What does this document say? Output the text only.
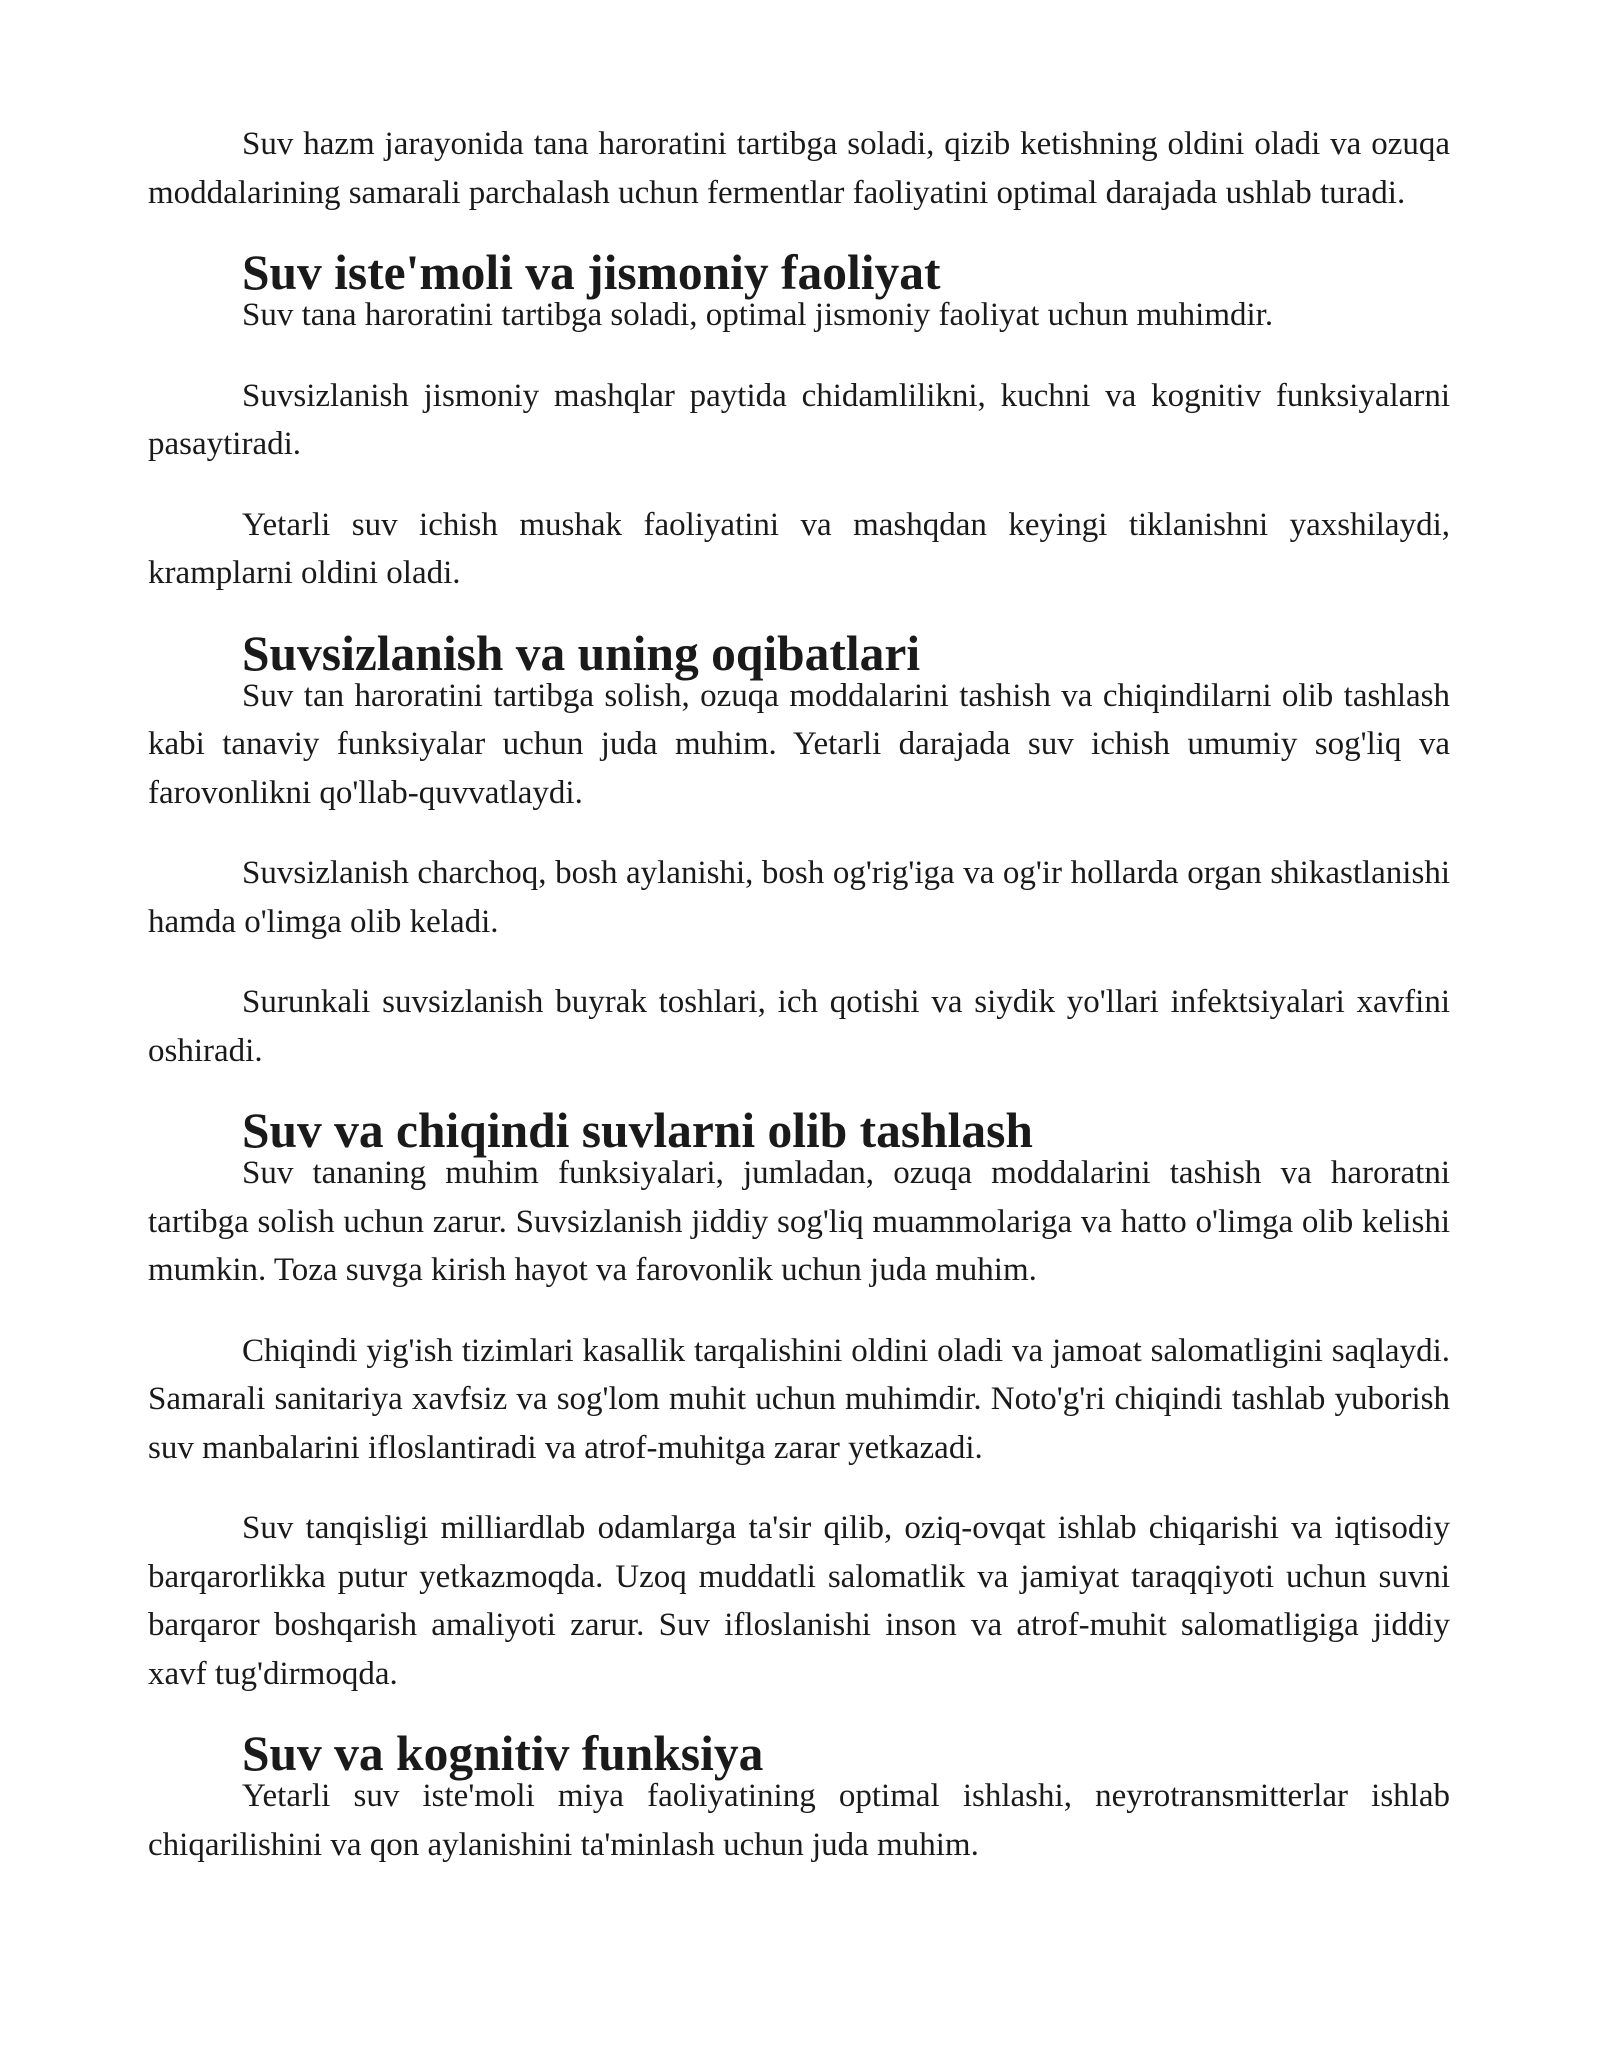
Suv hazm jarayonida tana haroratini tartibga soladi, qizib ketishning oldini oladi va ozuqa moddalarining samarali parchalash uchun fermentlar faoliyatini optimal darajada ushlab turadi.

Suv iste'moli va jismoniy faoliyat

Suv tana haroratini tartibga soladi, optimal jismoniy faoliyat uchun muhimdir.

Suvsizlanish jismoniy mashqlar paytida chidamlilikni, kuchni va kognitiv funksiyalarni pasaytiradi.

Yetarli suv ichish mushak faoliyatini va mashqdan keyingi tiklanishni yaxshilaydi, kramplarni oldini oladi.

Suvsizlanish va uning oqibatlari

Suv tan haroratini tartibga solish, ozuqa moddalarini tashish va chiqindilarni olib tashlash kabi tanaviy funksiyalar uchun juda muhim. Yetarli darajada suv ichish umumiy sog'liq va farovonlikni qo'llab-quvvatlaydi.

Suvsizlanish charchoq, bosh aylanishi, bosh og'rig'iga va og'ir hollarda organ shikastlanishi hamda o'limga olib keladi.

Surunkali suvsizlanish buyrak toshlari, ich qotishi va siydik yo'llari infektsiyalari xavfini oshiradi.

Suv va chiqindi suvlarni olib tashlash

Suv tananing muhim funksiyalari, jumladan, ozuqa moddalarini tashish va haroratni tartibga solish uchun zarur. Suvsizlanish jiddiy sog'liq muammolariga va hatto o'limga olib kelishi mumkin. Toza suvga kirish hayot va farovonlik uchun juda muhim.

Chiqindi yig'ish tizimlari kasallik tarqalishini oldini oladi va jamoat salomatligini saqlaydi. Samarali sanitariya xavfsiz va sog'lom muhit uchun muhimdir. Noto'g'ri chiqindi tashlab yuborish suv manbalarini ifloslantiradi va atrof-muhitga zarar yetkazadi.

Suv tanqisligi milliardlab odamlarga ta'sir qilib, oziq-ovqat ishlab chiqarishi va iqtisodiy barqarorlikka putur yetkazmoqda. Uzoq muddatli salomatlik va jamiyat taraqqiyoti uchun suvni barqaror boshqarish amaliyoti zarur. Suv ifloslanishi inson va atrof-muhit salomatligiga jiddiy xavf tug'dirmoqda.

Suv va kognitiv funksiya

Yetarli suv iste'moli miya faoliyatining optimal ishlashi, neyrotransmitterlar ishlab chiqarilishini va qon aylanishini ta'minlash uchun juda muhim.
